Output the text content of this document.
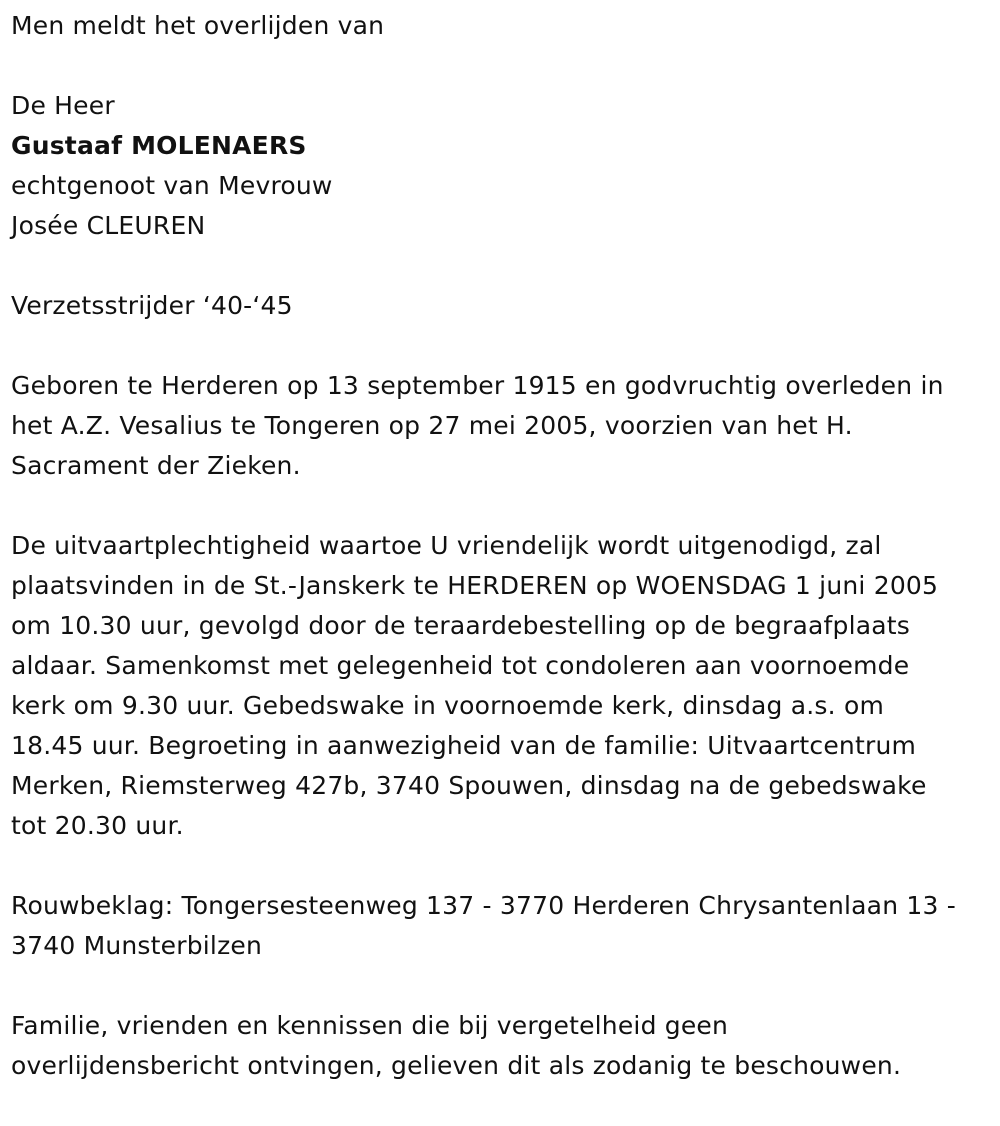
Men meldt het overlijden van
De Heer
Gustaaf MOLENAERS
echtgenoot van Mevrouw
Josée CLEUREN
Verzetsstrijder ‘40-‘45
Geboren te Herderen op 13 september 1915 en godvruchtig overleden in
het A.Z. Vesalius te Tongeren op 27 mei 2005, voorzien van het H.
Sacrament der Zieken.
De uitvaartplechtigheid waartoe U vriendelijk wordt uitgenodigd, zal
plaatsvinden in de St.-Janskerk te HERDEREN op WOENSDAG 1 juni 2005
om 10.30 uur, gevolgd door de teraardebestelling op de begraafplaats
aldaar. Samenkomst met gelegenheid tot condoleren aan voornoemde
kerk om 9.30 uur. Gebedswake in voornoemde kerk, dinsdag a.s. om
18.45 uur. Begroeting in aanwezigheid van de familie: Uitvaartcentrum
Merken, Riemsterweg 427b, 3740 Spouwen, dinsdag na de gebedswake
tot 20.30 uur.
Rouwbeklag: Tongersesteenweg 137 - 3770 Herderen Chrysantenlaan 13 -
3740 Munsterbilzen
Familie, vrienden en kennissen die bij vergetelheid geen
overlijdensbericht ontvingen, gelieven dit als zodanig te beschouwen.
